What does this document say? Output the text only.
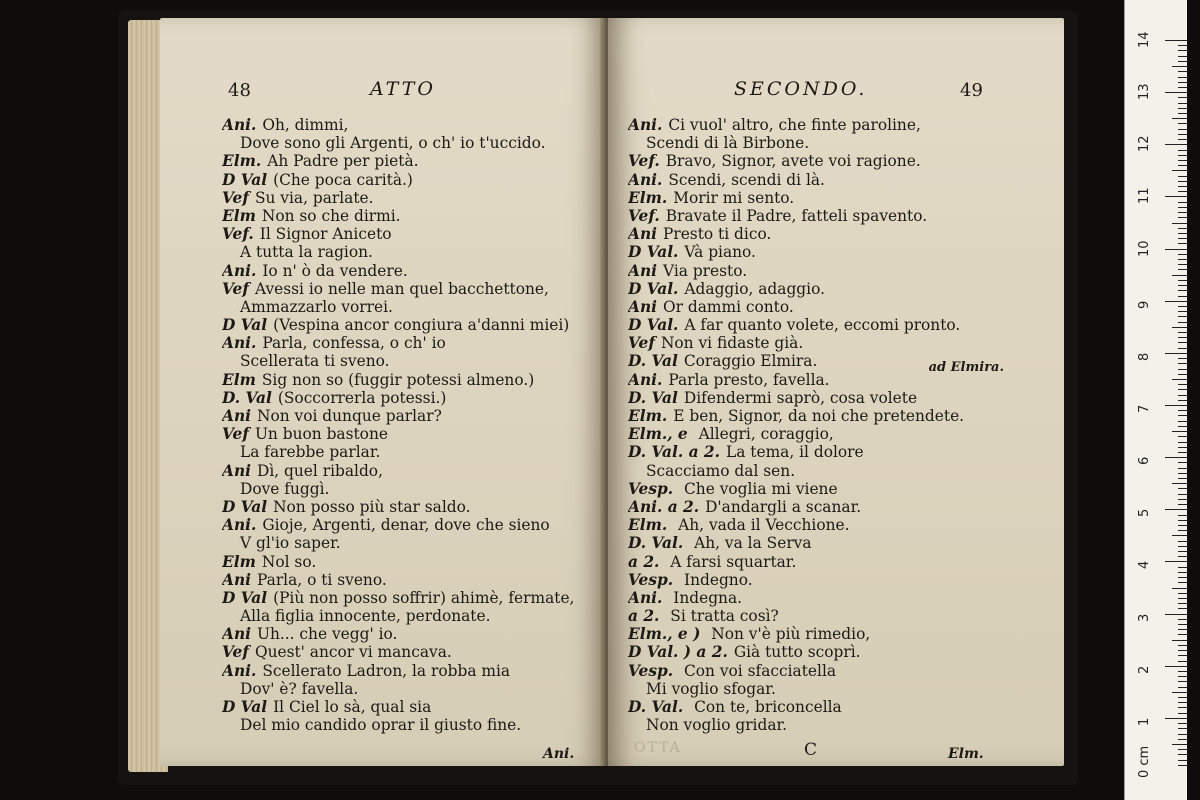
48	ATTO
Ani. Oh, dimmi,
Dove sono gli Argenti, o ch' io t'uccido.
Elm. Ah Padre per pietà.
D Val (Che poca carità.)
Vef Su via, parlate.
Elm Non so che dirmi.
Vef. Il Signor Aniceto
A tutta la ragion.
Ani. Io n' ò da vendere.
Vef Avessi io nelle man quel bacchettone,
Ammazzarlo vorrei.
D Val (Vespina ancor congiura a'danni miei)
Ani. Parla, confessa, o ch' io
Scellerata ti sveno.
Elm Sig non so (fuggir potessi almeno.)
D. Val (Soccorrerla potessi.)
Ani Non voi dunque parlar?
Vef Un buon bastone
La farebbe parlar.
Ani Dì, quel ribaldo,
Dove fuggì.
D Val Non posso più star saldo.
Ani. Gioje, Argenti, denar, dove che sieno
V gl'io saper.
Elm Nol so.
Ani Parla, o ti sveno.
D Val (Più non posso soffrir) ahimè, fermate,
Alla figlia innocente, perdonate.
Ani Uh... che vegg' io.
Vef Quest' ancor vi mancava.
Ani. Scellerato Ladron, la robba mia
Dov' è? favella.
D Val Il Ciel lo sà, qual sia
Del mio candido oprar il giusto fine.
Ani.
SECONDO.	49
Ani. Ci vuol' altro, che finte paroline,
Scendi di là Birbone.
Vef. Bravo, Signor, avete voi ragione.
Ani. Scendi, scendi di là.
Elm. Morir mi sento.
Vef. Bravate il Padre, fatteli spavento.
Ani Presto ti dico.
D Val. Và piano.
Ani Via presto.
D Val. Adaggio, adaggio.
Ani Or dammi conto.
D Val. A far quanto volete, eccomi pronto.
Vef Non vi fidaste già.
D. Val Coraggio Elmira.
Ani. Parla presto, favella.
D. Val Difendermi saprò, cosa volete
Elm. E ben, Signor, da noi che pretendete.
Elm., e Allegri, coraggio,
D. Val. a 2. La tema, il dolore
Scacciamo dal sen.
Vesp. Che voglia mi viene
Ani. a 2. D'andargli a scanar.
Elm. Ah, vada il Vecchione.
D. Val. Ah, va la Serva
a 2. A farsi squartar.
Vesp. Indegno.
Ani. Indegna.
a 2. Si tratta così?
Elm., e ) Non v'è più rimedio,
D Val. ) a 2. Già tutto scoprì.
Vesp. Con voi sfacciatella
Mi voglio sfogar.
D. Val. Con te, briconcella
Non voglio gridar.
ad Elmira.
OTTA	C	Elm.
14
13
12
11
10
9
8
7
6
5
4
3
2
1
0 cm
